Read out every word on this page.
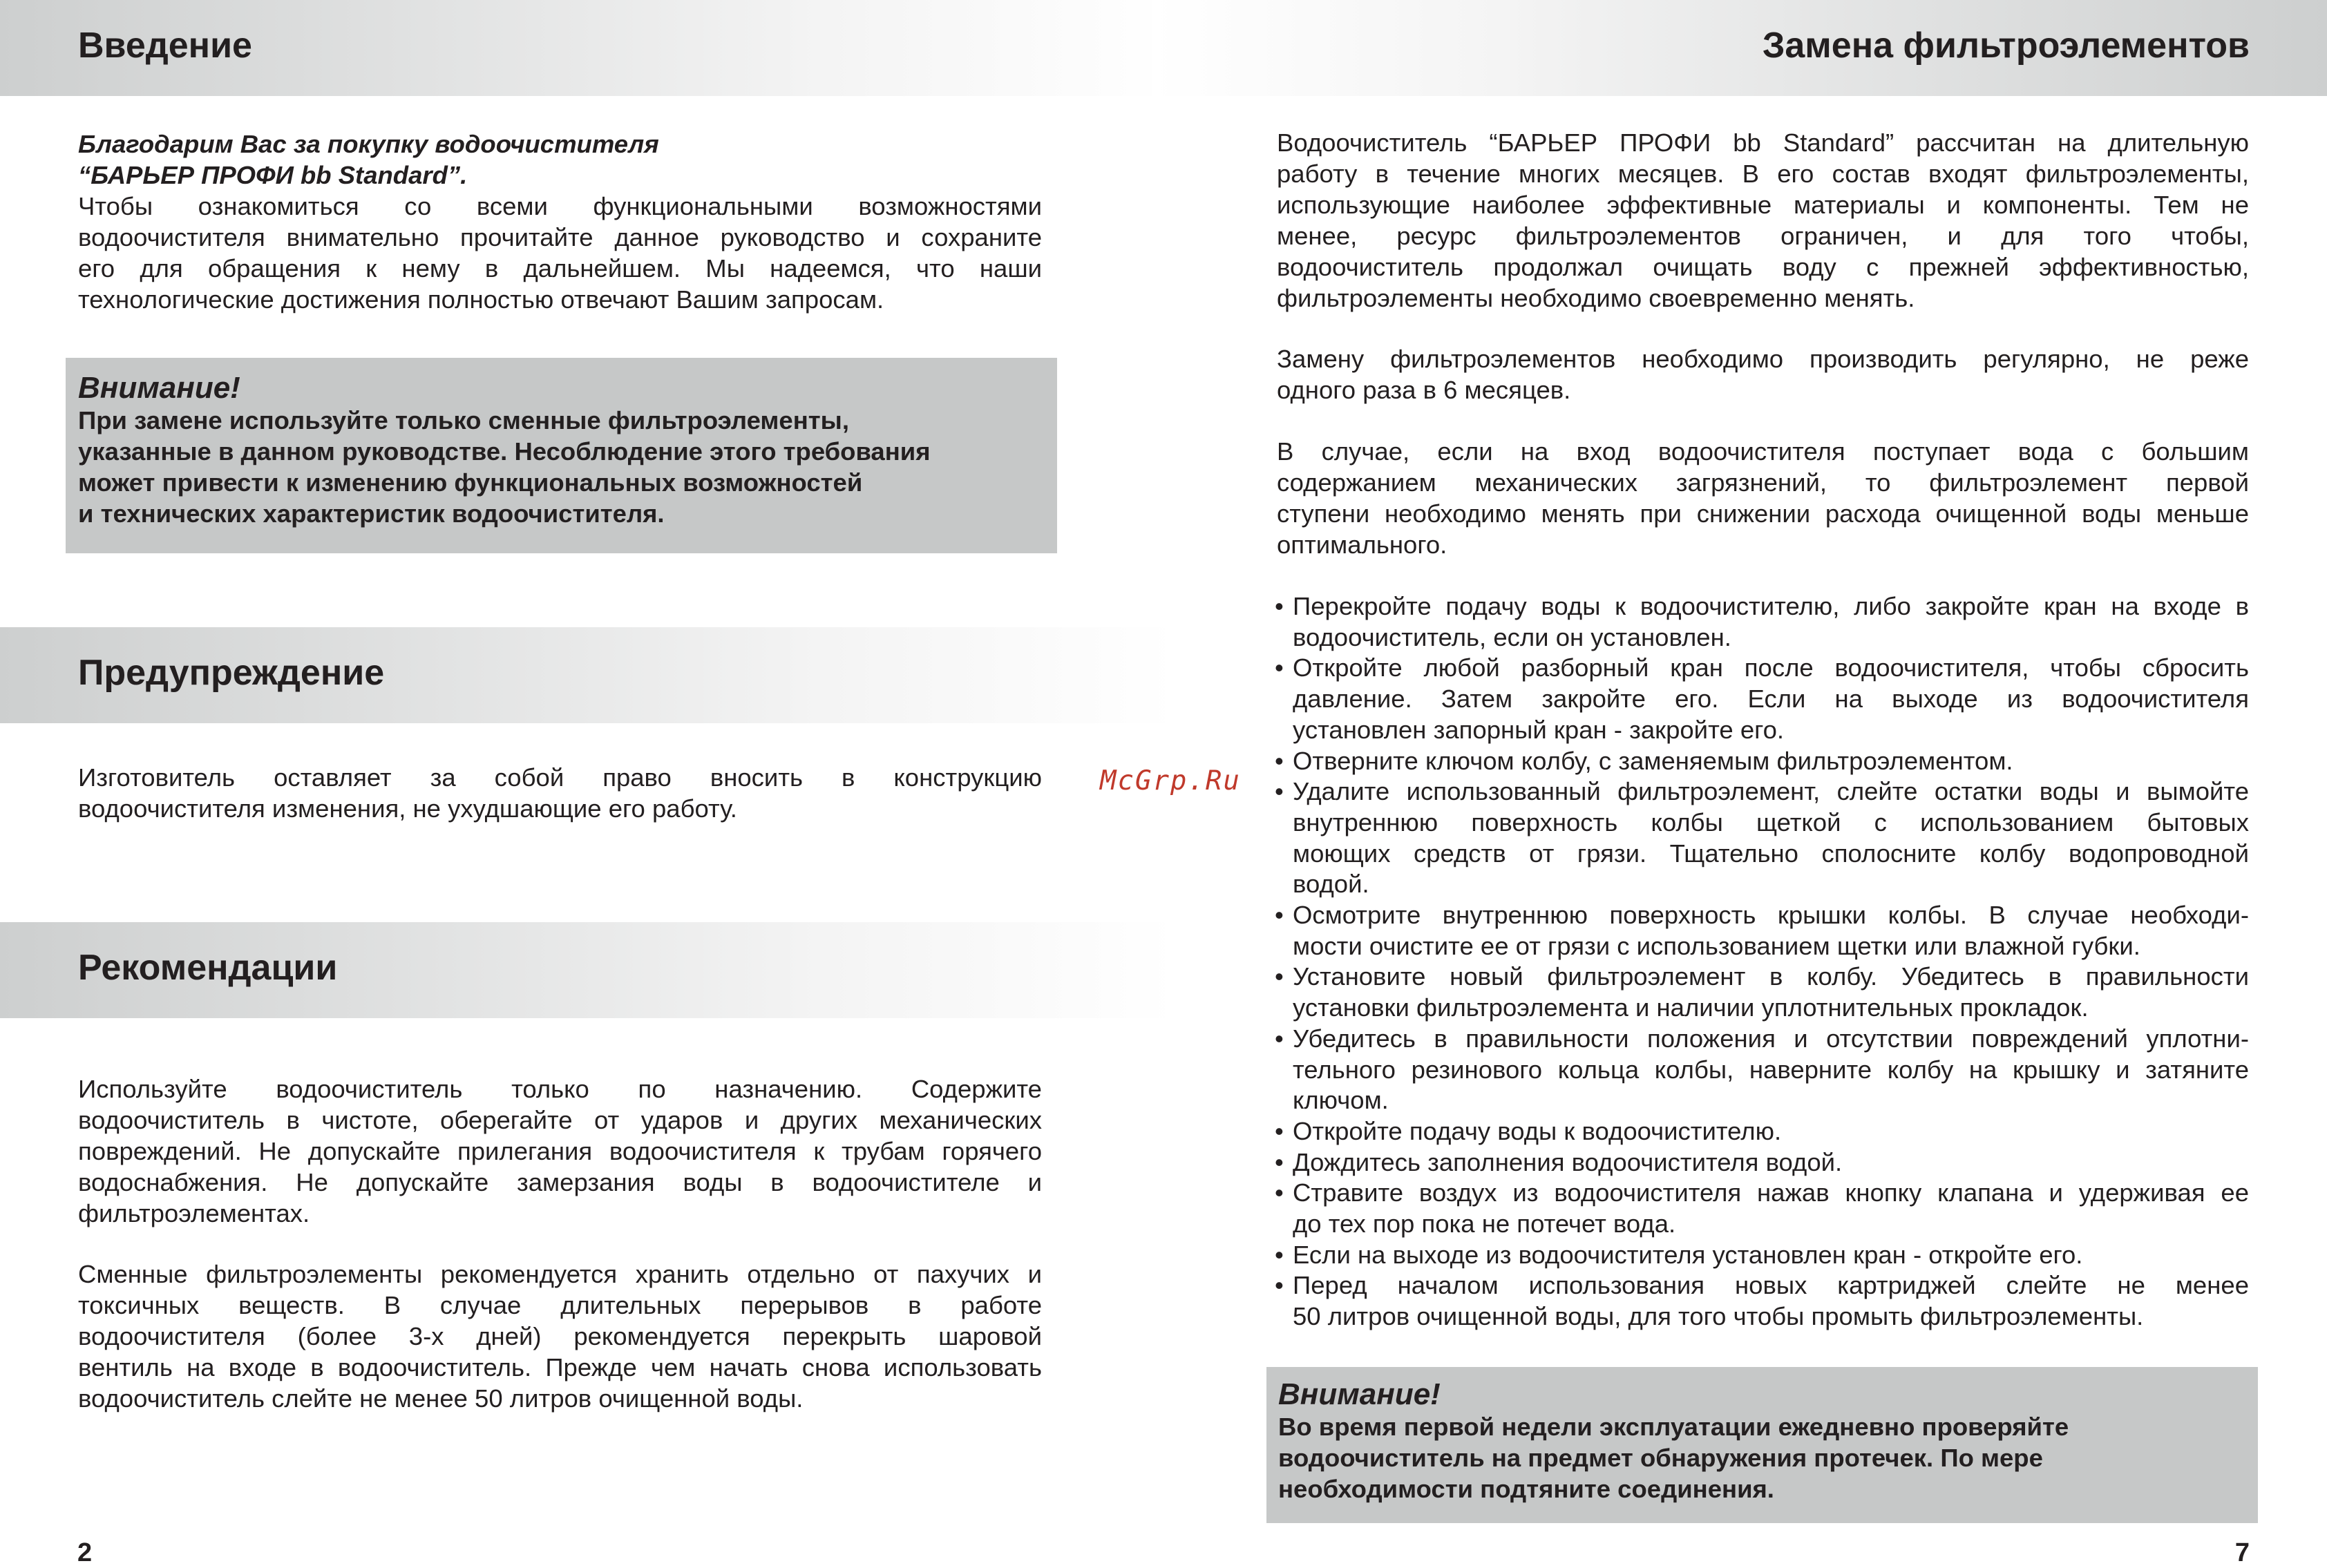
Введение
Благодарим Вас за покупку водоочистителя
“БАРЬЕР ПРОФИ bb Standard”.
Чтобы ознакомиться со всеми функциональными возможностями
водоочистителя внимательно прочитайте данное руководство и сохраните
его для обращения к нему в дальнейшем. Мы надеемся, что наши
технологические достижения полностью отвечают Вашим запросам.
Внимание!
При замене используйте только сменные фильтроэлементы,
указанные в данном руководстве. Несоблюдение этого требования
может привести к изменению функциональных возможностей
и технических характеристик водоочистителя.
Предупреждение
Изготовитель оставляет за собой право вносить в конструкцию
водоочистителя изменения, не ухудшающие его работу.
Рекомендации
Используйте водоочиститель только по назначению. Содержите
водоочиститель в чистоте, оберегайте от ударов и других механических
повреждений. Не допускайте прилегания водоочистителя к трубам горячего
водоснабжения. Не допускайте замерзания воды в водоочистителе и
фильтроэлементах.
Сменные фильтроэлементы рекомендуется хранить отдельно от пахучих и
токсичных веществ. В случае длительных перерывов в работе
водоочистителя (более 3-х дней) рекомендуется перекрыть шаровой
вентиль на входе в водоочиститель. Прежде чем начать снова использовать
водоочиститель слейте не менее 50 литров очищенной воды.
2
McGrp.Ru
Замена фильтроэлементов
Водоочиститель “БАРЬЕР ПРОФИ bb Standard” рассчитан на длительную
работу в течение многих месяцев. В его состав входят фильтроэлементы,
использующие наиболее эффективные материалы и компоненты. Тем не
менее, ресурс фильтроэлементов ограничен, и для того чтобы,
водоочиститель продолжал очищать воду с прежней эффективностью,
фильтроэлементы необходимо своевременно менять.
Замену фильтроэлементов необходимо производить регулярно, не реже
одного раза в 6 месяцев.
В случае, если на вход водоочистителя поступает вода с большим
содержанием механических загрязнений, то фильтроэлемент первой
ступени необходимо менять при снижении расхода очищенной воды меньше
оптимального.
• Перекройте подачу воды к водоочистителю, либо закройте кран на входе в
водоочиститель, если он установлен.
• Откройте любой разборный кран после водоочистителя, чтобы сбросить
давление. Затем закройте его. Если на выходе из водоочистителя
установлен запорный кран - закройте его.
• Отверните ключом колбу, с заменяемым фильтроэлементом.
• Удалите использованный фильтроэлемент, слейте остатки воды и вымойте
внутреннюю поверхность колбы щеткой с использованием бытовых
моющих средств от грязи. Тщательно сполосните колбу водопроводной
водой.
• Осмотрите внутреннюю поверхность крышки колбы. В случае необходи-
мости очистите ее от грязи с использованием щетки или влажной губки.
• Установите новый фильтроэлемент в колбу. Убедитесь в правильности
установки фильтроэлемента и наличии уплотнительных прокладок.
• Убедитесь в правильности положения и отсутствии повреждений уплотни-
тельного резинового кольца колбы, наверните колбу на крышку и затяните
ключом.
• Откройте подачу воды к водоочистителю.
• Дождитесь заполнения водоочистителя водой.
• Стравите воздух из водоочистителя нажав кнопку клапана и удерживая ее
до тех пор пока не потечет вода.
• Если на выходе из водоочистителя установлен кран - откройте его.
• Перед началом использования новых картриджей слейте не менее
50 литров очищенной воды, для того чтобы промыть фильтроэлементы.
Внимание!
Во время первой недели эксплуатации ежедневно проверяйте
водоочиститель на предмет обнаружения протечек. По мере
необходимости подтяните соединения.
7
